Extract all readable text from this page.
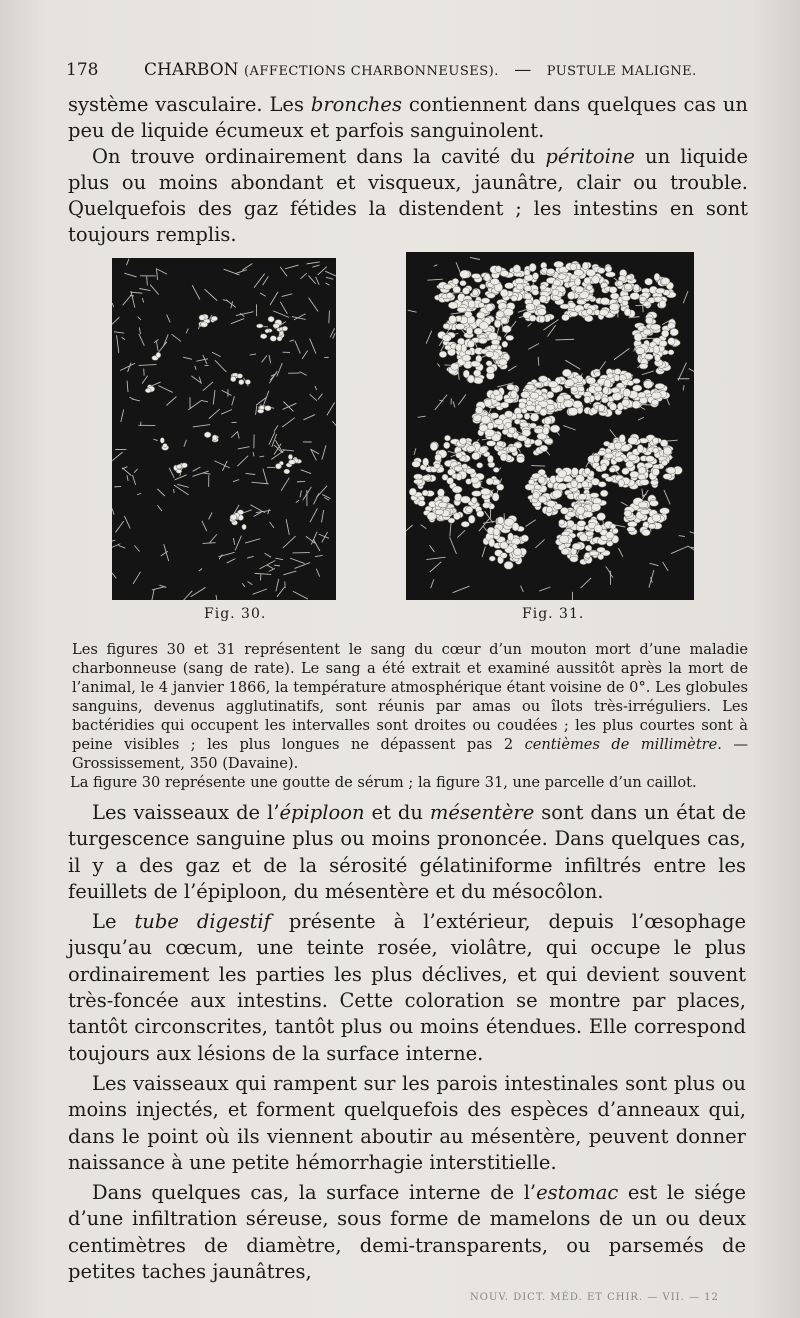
178	CHARBON (AFFECTIONS CHARBONNEUSES). — PUSTULE MALIGNE.

système vasculaire. Les bronches contiennent dans quelques cas un peu de liquide écumeux et parfois sanguinolent.

On trouve ordinairement dans la cavité du péritoine un liquide plus ou moins abondant et visqueux, jaunâtre, clair ou trouble. Quelquefois des gaz fétides la distendent ; les intestins en sont toujours remplis.

Fig. 30.	Fig. 31.

Les figures 30 et 31 représentent le sang du cœur d’un mouton mort d’une maladie charbonneuse (sang de rate). Le sang a été extrait et examiné aussitôt après la mort de l’animal, le 4 janvier 1866, la température atmosphérique étant voisine de 0°. Les globules sanguins, devenus agglutinatifs, sont réunis par amas ou îlots très-irréguliers. Les bactéridies qui occupent les intervalles sont droites ou coudées ; les plus courtes sont à peine visibles ; les plus longues ne dépassent pas 2 centièmes de millimètre. — Grossissement, 350 (Davaine).

La figure 30 représente une goutte de sérum ; la figure 31, une parcelle d’un caillot.

Les vaisseaux de l’épiploon et du mésentère sont dans un état de turgescence sanguine plus ou moins prononcée. Dans quelques cas, il y a des gaz et de la sérosité gélatiniforme infiltrés entre les feuillets de l’épiploon, du mésentère et du mésocôlon.

Le tube digestif présente à l’extérieur, depuis l’œsophage jusqu’au cœcum, une teinte rosée, violâtre, qui occupe le plus ordinairement les parties les plus déclives, et qui devient souvent très-foncée aux intestins. Cette coloration se montre par places, tantôt circonscrites, tantôt plus ou moins étendues. Elle correspond toujours aux lésions de la surface interne.

Les vaisseaux qui rampent sur les parois intestinales sont plus ou moins injectés, et forment quelquefois des espèces d’anneaux qui, dans le point où ils viennent aboutir au mésentère, peuvent donner naissance à une petite hémorrhagie interstitielle.

Dans quelques cas, la surface interne de l’estomac est le siége d’une infiltration séreuse, sous forme de mamelons de un ou deux centimètres de diamètre, demi-transparents, ou parsemés de petites taches jaunâtres,

NOUV. DICT. MÉD. ET CHIR. — VII. — 12
